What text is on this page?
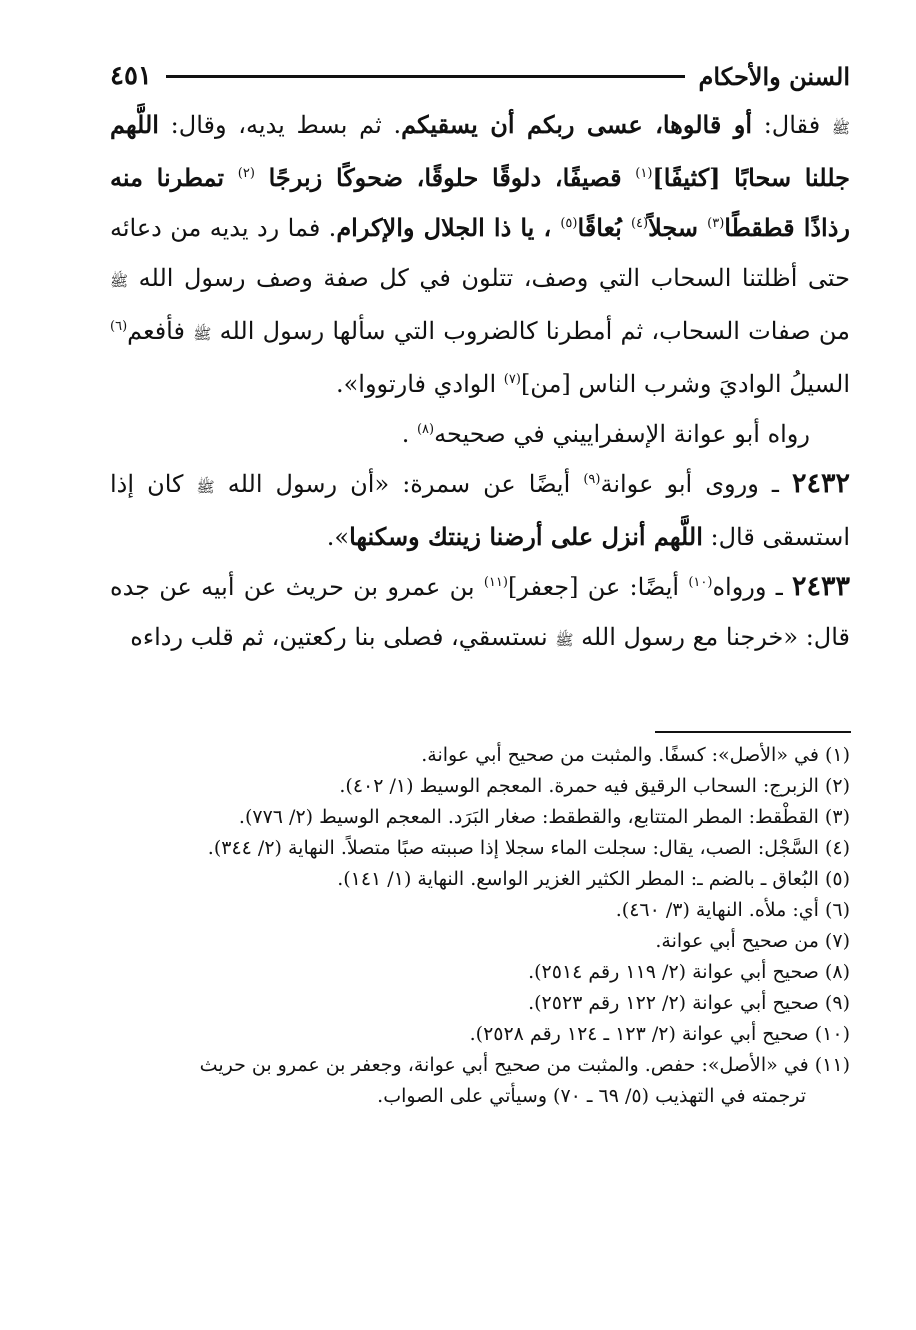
السنن والأحكام
٤٥١

ﷺ فقال: أو قالوها، عسى ربكم أن يسقيكم. ثم بسط يديه، وقال: اللَّهم جللنا سحابًا [كثيفًا]$^{(١)}$ قصيفًا، دلوقًا حلوقًا، ضحوكًا زبرجًا $^{(٢)}$ تمطرنا منه رذاذًا قطقطًا$^{(٣)}$ سجلاً$^{(٤)}$ بُعاقًا$^{(٥)}$ ، يا ذا الجلال والإكرام. فما رد يديه من دعائه حتى أظلتنا السحاب التي وصف، تتلون في كل صفة وصف رسول الله ﷺ من صفات السحاب، ثم أمطرنا كالضروب التي سألها رسول الله ﷺ فأفعم$^{(٦)}$ السيلُ الواديَ وشرب الناس [من]$^{(٧)}$ الوادي فارتووا».

رواه أبو عوانة الإسفراييني في صحيحه$^{(٨)}$ .

٢٤٣٢ ـ وروى أبو عوانة$^{(٩)}$ أيضًا عن سمرة: «أن رسول الله ﷺ كان إذا استسقى قال: اللَّهم أنزل على أرضنا زينتك وسكنها».

٢٤٣٣ ـ ورواه$^{(١٠)}$ أيضًا: عن [جعفر]$^{(١١)}$ بن عمرو بن حريث عن أبيه عن جده قال: «خرجنا مع رسول الله ﷺ نستسقي، فصلى بنا ركعتين، ثم قلب رداءه

(١) في «الأصل»: كسفًا. والمثبت من صحيح أبي عوانة.

(٢) الزبرج: السحاب الرقيق فيه حمرة. المعجم الوسيط (١/ ٤٠٢).

(٣) القطْقط: المطر المتتابع، والقطقط: صغار البَرَد. المعجم الوسيط (٢/ ٧٧٦).

(٤) السَّجْل: الصب، يقال: سجلت الماء سجلا إذا صببته صبًا متصلاً. النهاية (٢/ ٣٤٤).

(٥) البُعاق ـ بالضم ـ: المطر الكثير الغزير الواسع. النهاية (١/ ١٤١).

(٦) أي: ملأه. النهاية (٣/ ٤٦٠).

(٧) من صحيح أبي عوانة.

(٨) صحيح أبي عوانة (٢/ ١١٩ رقم ٢٥١٤).

(٩) صحيح أبي عوانة (٢/ ١٢٢ رقم ٢٥٢٣).

(١٠) صحيح أبي عوانة (٢/ ١٢٣ ـ ١٢٤ رقم ٢٥٢٨).

(١١) في «الأصل»: حفص. والمثبت من صحيح أبي عوانة، وجعفر بن عمرو بن حريث

ترجمته في التهذيب (٥/ ٦٩ ـ ٧٠) وسيأتي على الصواب.
